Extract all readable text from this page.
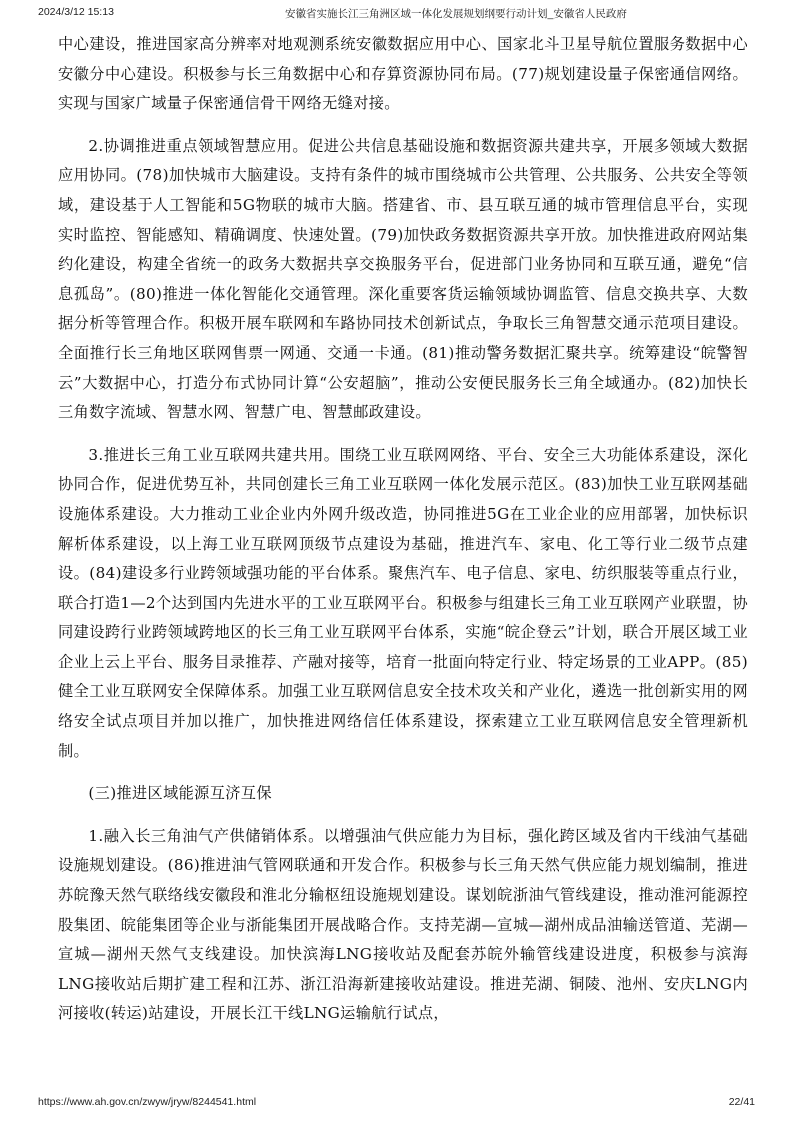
2024/3/12 15:13	安徽省实施长江三角洲区域一体化发展规划纲要行动计划_安徽省人民政府

中心建设，推进国家高分辨率对地观测系统安徽数据应用中心、国家北斗卫星导航位置服务数据中心安徽分中心建设。积极参与长三角数据中心和存算资源协同布局。(77)规划建设量子保密通信网络。实现与国家广域量子保密通信骨干网络无缝对接。

2.协调推进重点领域智慧应用。促进公共信息基础设施和数据资源共建共享，开展多领域大数据应用协同。(78)加快城市大脑建设。支持有条件的城市围绕城市公共管理、公共服务、公共安全等领域，建设基于人工智能和5G物联的城市大脑。搭建省、市、县互联互通的城市管理信息平台，实现实时监控、智能感知、精确调度、快速处置。(79)加快政务数据资源共享开放。加快推进政府网站集约化建设，构建全省统一的政务大数据共享交换服务平台，促进部门业务协同和互联互通，避免“信息孤岛”。(80)推进一体化智能化交通管理。深化重要客货运输领域协调监管、信息交换共享、大数据分析等管理合作。积极开展车联网和车路协同技术创新试点，争取长三角智慧交通示范项目建设。全面推行长三角地区联网售票一网通、交通一卡通。(81)推动警务数据汇聚共享。统筹建设“皖警智云”大数据中心，打造分布式协同计算“公安超脑”，推动公安便民服务长三角全域通办。(82)加快长三角数字流域、智慧水网、智慧广电、智慧邮政建设。

3.推进长三角工业互联网共建共用。围绕工业互联网网络、平台、安全三大功能体系建设，深化协同合作，促进优势互补，共同创建长三角工业互联网一体化发展示范区。(83)加快工业互联网基础设施体系建设。大力推动工业企业内外网升级改造，协同推进5G在工业企业的应用部署，加快标识解析体系建设，以上海工业互联网顶级节点建设为基础，推进汽车、家电、化工等行业二级节点建设。(84)建设多行业跨领域强功能的平台体系。聚焦汽车、电子信息、家电、纺织服装等重点行业，联合打造1—2个达到国内先进水平的工业互联网平台。积极参与组建长三角工业互联网产业联盟，协同建设跨行业跨领域跨地区的长三角工业互联网平台体系，实施“皖企登云”计划，联合开展区域工业企业上云上平台、服务目录推荐、产融对接等，培育一批面向特定行业、特定场景的工业APP。(85)健全工业互联网安全保障体系。加强工业互联网信息安全技术攻关和产业化，遴选一批创新实用的网络安全试点项目并加以推广，加快推进网络信任体系建设，探索建立工业互联网信息安全管理新机制。

(三)推进区域能源互济互保

1.融入长三角油气产供储销体系。以增强油气供应能力为目标，强化跨区域及省内干线油气基础设施规划建设。(86)推进油气管网联通和开发合作。积极参与长三角天然气供应能力规划编制，推进苏皖豫天然气联络线安徽段和淮北分输枢纽设施规划建设。谋划皖浙油气管线建设，推动淮河能源控股集团、皖能集团等企业与浙能集团开展战略合作。支持芜湖—宣城—湖州成品油输送管道、芜湖—宣城—湖州天然气支线建设。加快滨海LNG接收站及配套苏皖外输管线建设进度，积极参与滨海LNG接收站后期扩建工程和江苏、浙江沿海新建接收站建设。推进芜湖、铜陵、池州、安庆LNG内河接收(转运)站建设，开展长江干线LNG运输航行试点，

https://www.ah.gov.cn/zwyw/jryw/8244541.html	22/41
